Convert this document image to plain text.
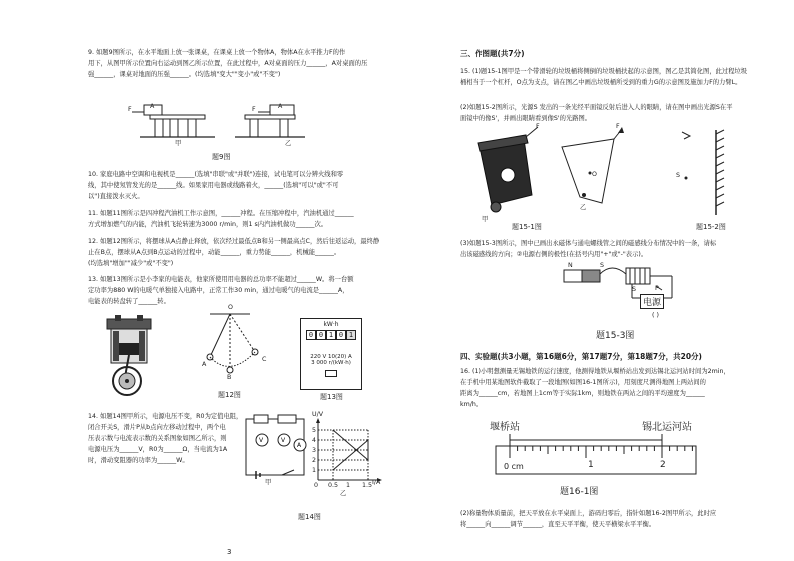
9. 如题9图所示，在水平地面上放一张课桌，在课桌上放一个物体A，物体A在水平推力F的作
用下，从图甲所示位置向右运动到图乙所示位置，在此过程中，A对桌面的压力______，A对桌面的压
强______，课桌对地面的压强______。(均选填"变大""变小"或"不变")
A	A
F	F
甲	乙
题9图
10. 家庭电路中空调和电视机是______(选填"串联"或"并联")连接，试电笔可以分辨火线和零
线，其中使氖管发光的是______线。如果家用电器或线路着火，______(选填"可以"或"不可
以")直接泼水灭火。
11. 如题11图所示是四冲程汽油机工作示意图，______冲程。在压缩冲程中，汽油机通过______
方式增加燃气的内能，汽油机飞轮转速为3000 r/min，则1 s内汽油机做功______次。
12. 如题12图所示，将摆球从A点静止释放，依次经过最低点B和另一侧最高点C，然后往返运动，最终静
止在B点，摆球从A点到B点运动的过程中，动能______，重力势能______，机械能______。
(均选填"增加""减少"或"不变")
13. 如题13图所示是小李家的电能表，他家所使用用电器的总功率不能超过______W。将一台额
定功率为880 W的电暖气单独接入电路中，正常工作30 min，通过电暖气的电流是______A，
电能表的转盘转了______转。
O
A
B
C
题12图
kW·h
0 0 1 0 1
220 V 10(20) A
3 000 r/(kW·h)
题13图
14. 如题14图甲所示，电源电压不变，R0为定值电阻，
闭合开关S，滑片P从b点向左移动过程中，两个电
压表示数与电流表示数的关系图象如图乙所示，则
电源电压为______V，R0为______Ω，当电流为1A
时，滑动变阻器的功率为______W。
V	V
A
甲
U/V
I/A
5
4
3
2
1
0 0.5 1 1.5
乙
题14图
3
三、作图题(共7分)
15. (1)题15-1图甲是一个带滑轮的垃圾桶将侧倒的垃圾桶扶起的示意图，图乙是其简化图，此过程垃圾
桶相当于一个杠杆，O点为支点，请在图乙中画出垃圾桶所受到的重力G的示意图及施加力F的力臂L。
(2)如题15-2图所示，光源S 发出的一条光经平面镜反射后进入人的眼睛，请在图中画出光源S在平
面镜中的像S'，并画出眼睛看到像S'的光路图。
F
甲
F
O
乙
S
题15-1图	题15-2图
(3)如题15-3图所示，图中已画出永磁体与通电螺线管之间的磁感线分布情况中的一条，请标
出该磁感线的方向；②电源右侧的极性(在括号内用"+"或"-"表示)。
N	S
P
S
电源
( )
题15-3图
四、实验题(共3小题，第16题6分，第17题7分，第18题7分，共20分)
16. (1)小明想测量无锡地铁的运行速度，他测得地铁从堰桥站出发到达锡北运河站时间为2min，
在手机中用某地图软件截取了一段地图(如图16-1图所示)，用刻度尺测得地图上两站间的
距离为______cm，若地图上1cm等于实际1km，则地铁在两站之间的平均速度为______
km/h。
堰桥站	锡北运河站
0 cm	1	2
题16-1图
(2)称量物体质量前，把天平放在水平桌面上，游码归零后，指针如题16-2图甲所示，此时应
将______向______调节______，直至天平平衡，使天平横梁水平平衡。
